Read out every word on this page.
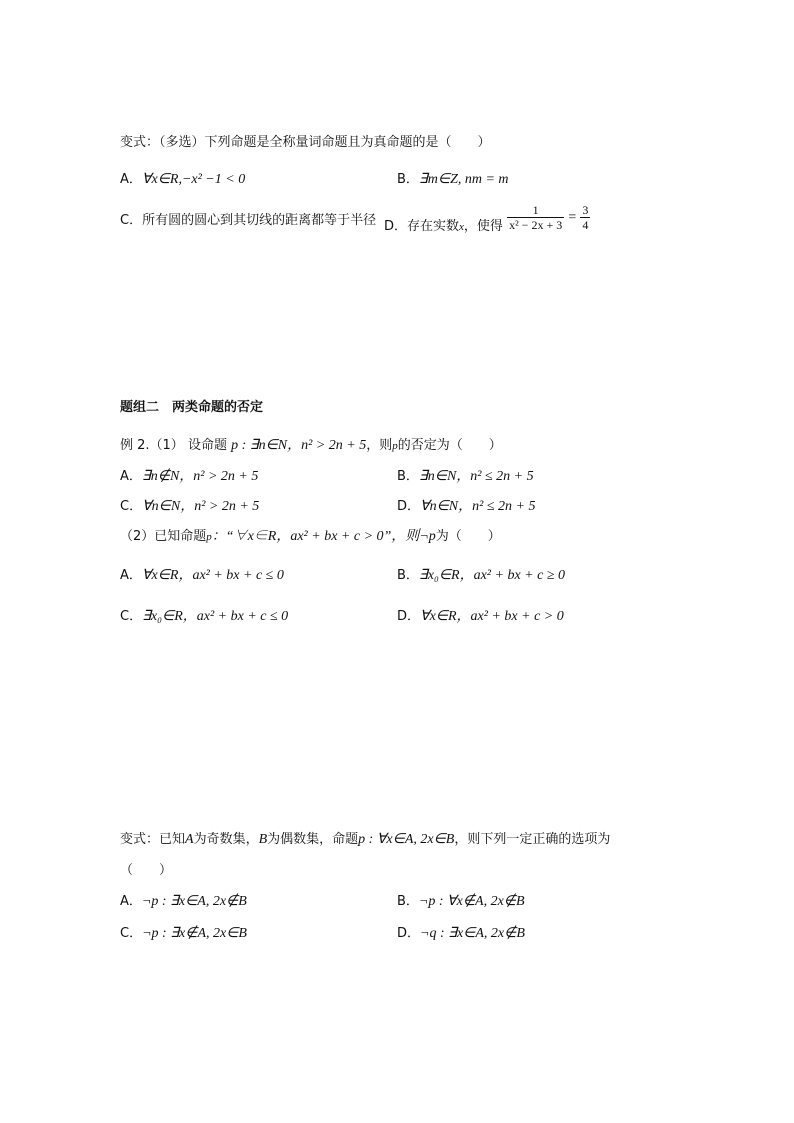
变式：（多选）下列命题是全称量词命题且为真命题的是（　　）
A．∀x∈R,−x² −1 < 0	B．∃m∈Z, nm = m
C．所有圆的圆心到其切线的距离都等于半径 D．存在实数$_x$，使得 $\frac{1}{\text{x² − 2x + 3}} = \frac{3}{4}$
题组二　两类命题的否定
例 2.（1） 设命题 p : ∃n∈N，n² > 2n + 5，则p的否定为（　　）
A．∃n∉N，n² > 2n + 5	B．∃n∈N，n² ≤ 2n + 5
C．∀n∈N，n² > 2n + 5	D．∀n∈N，n² ≤ 2n + 5
（2）已知命题p：“∀x∈R，ax² + bx + c > 0”，则¬p为（　　）
A．∀x∈R，ax² + bx + c ≤ 0	B．∃x₀∈R，ax² + bx + c ≥ 0
C．∃x₀∈R，ax² + bx + c ≤ 0	D．∀x∈R，ax² + bx + c > 0
变式：已知A为奇数集，B为偶数集，命题p : ∀x∈A, 2x∈B，则下列一定正确的选项为
（　　）
A．¬p : ∃x∈A, 2x∉B	B．¬p : ∀x∉A, 2x∉B
C．¬p : ∃x∉A, 2x∈B	D．¬q : ∃x∈A, 2x∉B
